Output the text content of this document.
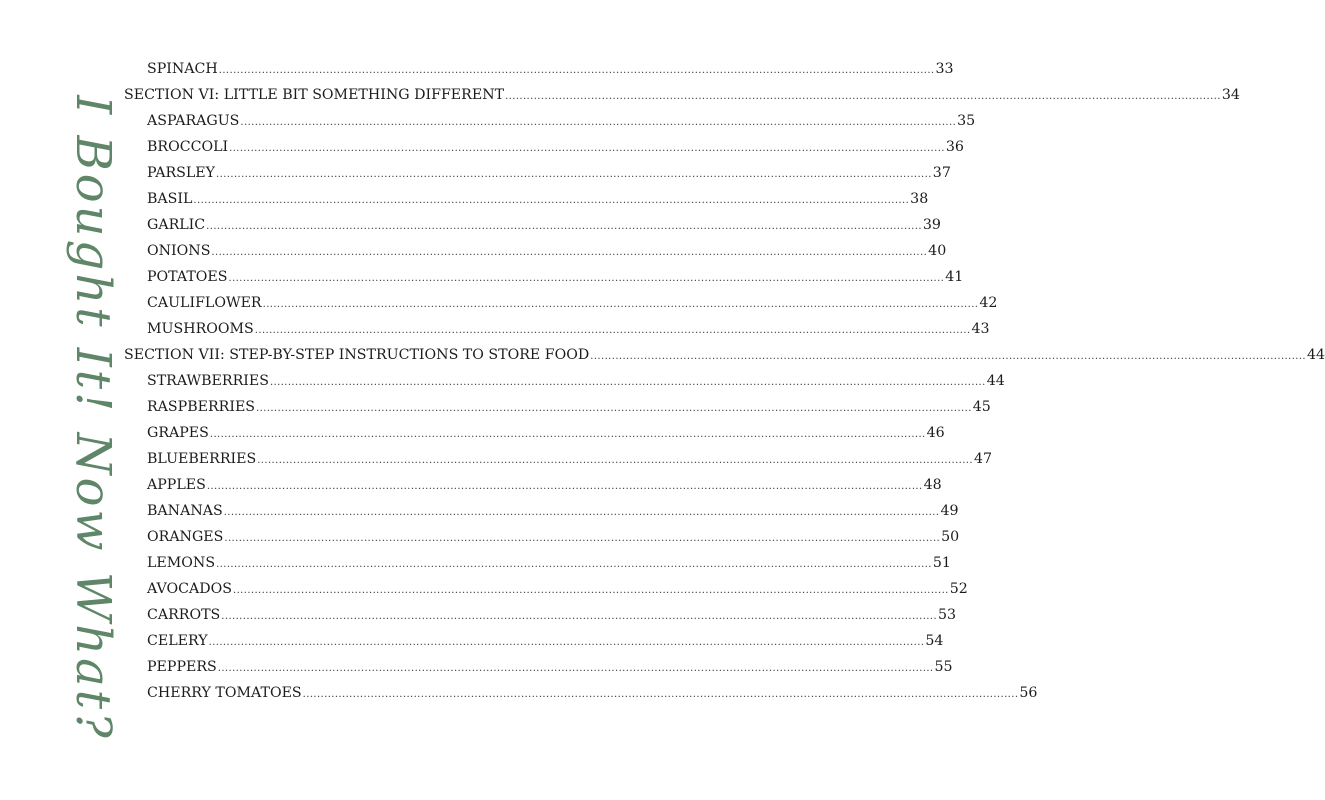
I Bought It! Now What?
SPINACH ........................................................................................................................................................................................................ 33
SECTION VI: LITTLE BIT SOMETHING DIFFERENT ........................................................................................................................................................................................................ 34
ASPARAGUS ........................................................................................................................................................................................................ 35
BROCCOLI ........................................................................................................................................................................................................ 36
PARSLEY ........................................................................................................................................................................................................ 37
BASIL ........................................................................................................................................................................................................ 38
GARLIC ........................................................................................................................................................................................................ 39
ONIONS ........................................................................................................................................................................................................ 40
POTATOES ........................................................................................................................................................................................................ 41
CAULIFLOWER ........................................................................................................................................................................................................ 42
MUSHROOMS ........................................................................................................................................................................................................ 43
SECTION VII: STEP-BY-STEP INSTRUCTIONS TO STORE FOOD ........................................................................................................................................................................................................ 44
STRAWBERRIES ........................................................................................................................................................................................................ 44
RASPBERRIES ........................................................................................................................................................................................................ 45
GRAPES ........................................................................................................................................................................................................ 46
BLUEBERRIES ........................................................................................................................................................................................................ 47
APPLES ........................................................................................................................................................................................................ 48
BANANAS ........................................................................................................................................................................................................ 49
ORANGES ........................................................................................................................................................................................................ 50
LEMONS ........................................................................................................................................................................................................ 51
AVOCADOS ........................................................................................................................................................................................................ 52
CARROTS ........................................................................................................................................................................................................ 53
CELERY ........................................................................................................................................................................................................ 54
PEPPERS ........................................................................................................................................................................................................ 55
CHERRY TOMATOES ........................................................................................................................................................................................................ 56
